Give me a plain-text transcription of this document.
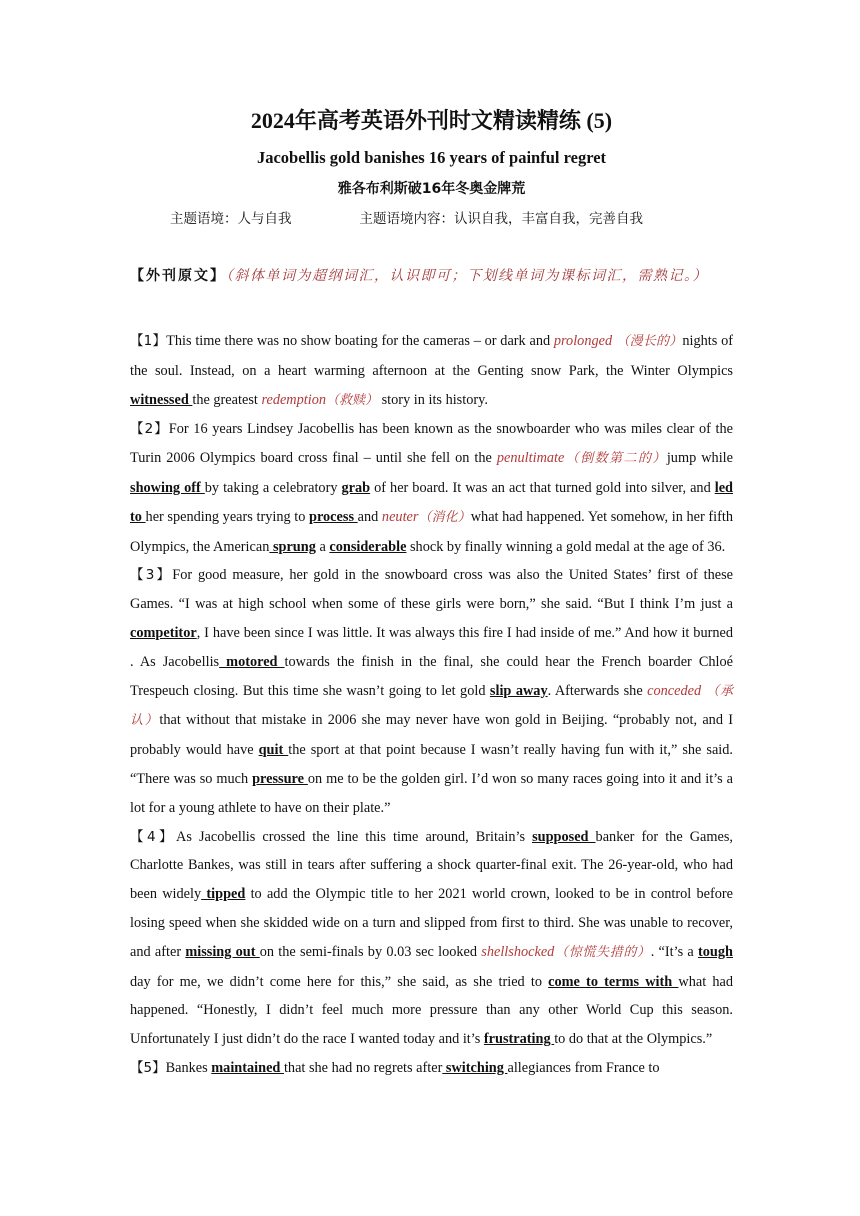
2024年高考英语外刊时文精读精练 (5)
Jacobellis gold banishes 16 years of painful regret
雅各布利斯破16年冬奥金牌荒
主题语境：人与自我	主题语境内容：认识自我，丰富自我，完善自我
【外刊原文】（斜体单词为超纲词汇，认识即可；下划线单词为课标词汇，需熟记。）

【1】This time there was no show boating for the cameras – or dark and prolonged （漫长的）nights of the soul. Instead, on a heart warming afternoon at the Genting snow Park, the Winter Olympics witnessed the greatest redemption（救赎） story in its history.

【2】For 16 years Lindsey Jacobellis has been known as the snowboarder who was miles clear of the Turin 2006 Olympics board cross final – until she fell on the penultimate（倒数第二的）jump while showing off by taking a celebratory grab of her board. It was an act that turned gold into silver, and led to her spending years trying to process and neuter（消化）what had happened. Yet somehow, in her fifth Olympics, the American sprung a considerable shock by finally winning a gold medal at the age of 36.

【3】For good measure, her gold in the snowboard cross was also the United States’ first of these Games. “I was at high school when some of these girls were born,” she said. “But I think I’m just a competitor, I have been since I was little. It was always this fire I had inside of me.” And how it burned . As Jacobellis motored towards the finish in the final, she could hear the French boarder Chloé Trespeuch closing. But this time she wasn’t going to let gold slip away. Afterwards she conceded （承认）that without that mistake in 2006 she may never have won gold in Beijing. “probably not, and I probably would have quit the sport at that point because I wasn’t really having fun with it,” she said. “There was so much pressure on me to be the golden girl. I’d won so many races going into it and it’s a lot for a young athlete to have on their plate.”

【4】As Jacobellis crossed the line this time around, Britain’s supposed banker for the Games, Charlotte Bankes, was still in tears after suffering a shock quarter-final exit. The 26-year-old, who had been widely tipped to add the Olympic title to her 2021 world crown, looked to be in control before losing speed when she skidded wide on a turn and slipped from first to third. She was unable to recover, and after missing out on the semi-finals by 0.03 sec looked shellshocked（惊慌失措的）. “It’s a tough day for me, we didn’t come here for this,” she said, as she tried to come to terms with what had happened. “Honestly, I didn’t feel much more pressure than any other World Cup this season. Unfortunately I just didn’t do the race I wanted today and it’s frustrating to do that at the Olympics.”

【5】Bankes maintained that she had no regrets after switching allegiances from France to
